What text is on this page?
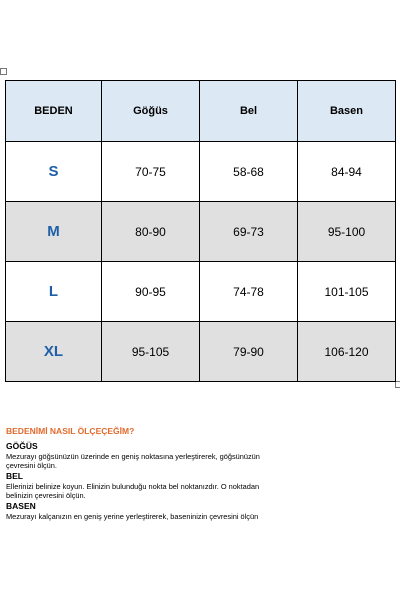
BEDEN	Göğüs	Bel	Basen
S	70-75	58-68	84-94
M	80-90	69-73	95-100
L	90-95	74-78	101-105
XL	95-105	79-90	106-120

BEDENİMİ NASIL ÖLÇEÇEĞİM?

GÖĞÜS

Mezurayı göğsünüzün üzerinde en geniş noktasına yerleştirerek, göğsünüzün çevresini ölçün.

BEL

Ellerinizi belinize koyun. Elinizin bulunduğu nokta bel noktanızdır. O noktadan belinizin çevresini ölçün.

BASEN

Mezurayı kalçanızın en geniş yerine yerleştirerek, baseninizin çevresini ölçün
